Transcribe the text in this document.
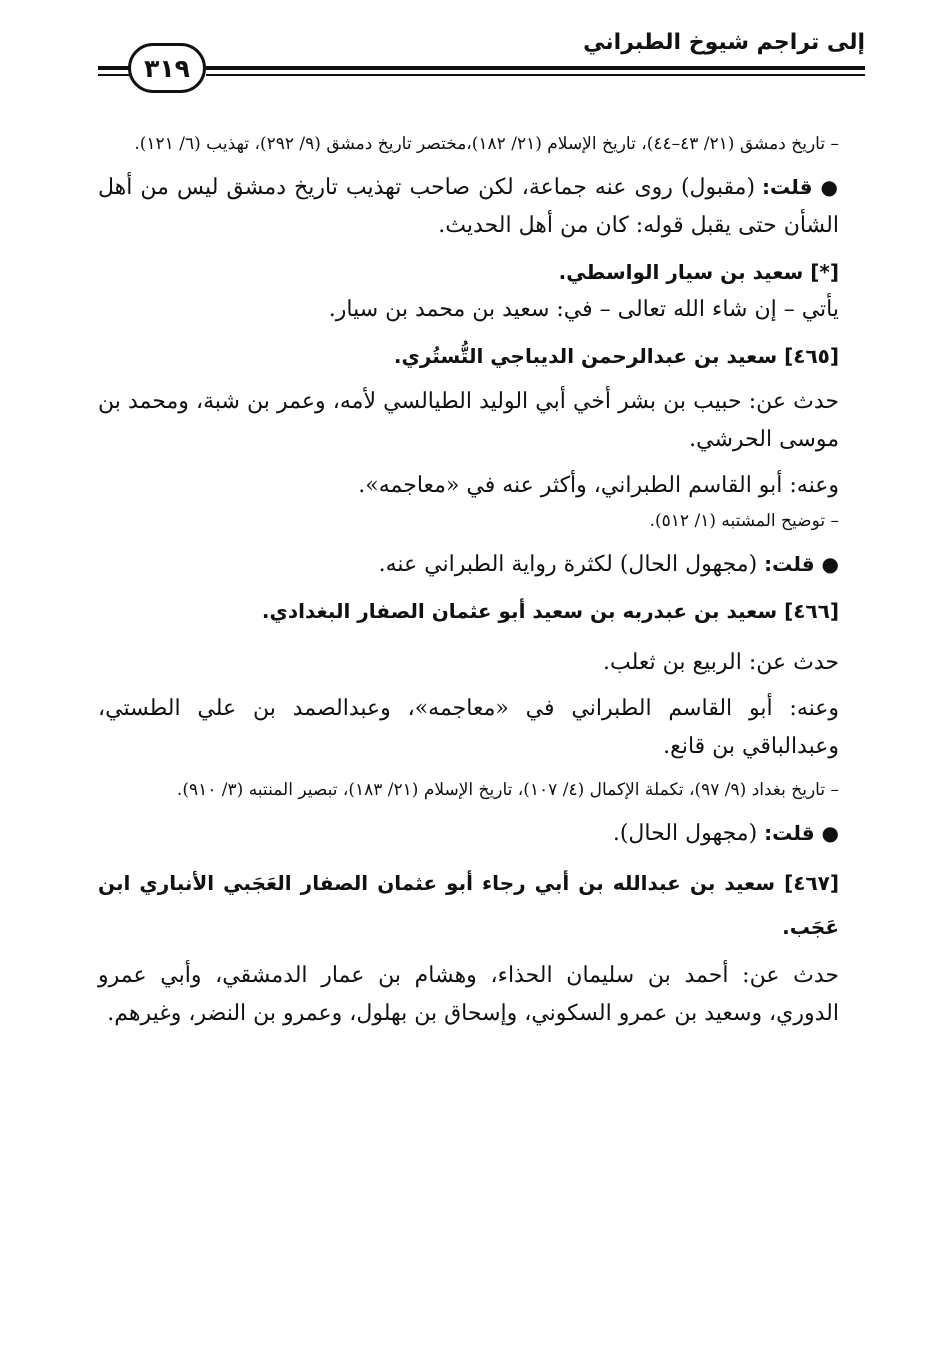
إلى تراجم شيوخ الطبراني
٣١٩

– تاريخ دمشق (٢١/ ٤٣–٤٤)، تاريخ الإسلام (٢١/ ١٨٢)،مختصر تاريخ دمشق (٩/ ٢٩٢)، تهذيب (٦/ ١٢١).

● قلت: (مقبول) روى عنه جماعة، لكن صاحب تهذيب تاريخ دمشق ليس من أهل الشأن حتى يقبل قوله: كان من أهل الحديث.

[*] سعيد بن سيار الواسطي.

يأتي – إن شاء الله تعالى – في: سعيد بن محمد بن سيار.

[٤٦٥] سعيد بن عبدالرحمن الديباجي التُّستُري.

حدث عن: حبيب بن بشر أخي أبي الوليد الطيالسي لأمه، وعمر بن شبة، ومحمد بن موسى الحرشي.

وعنه: أبو القاسم الطبراني، وأكثر عنه في «معاجمه».

– توضيح المشتبه (١/ ٥١٢).

● قلت: (مجهول الحال) لكثرة رواية الطبراني عنه.

[٤٦٦] سعيد بن عبدربه بن سعيد أبو عثمان الصفار البغدادي.

حدث عن: الربيع بن ثعلب.

وعنه: أبو القاسم الطبراني في «معاجمه»، وعبدالصمد بن علي الطستي، وعبدالباقي بن قانع.

– تاريخ بغداد (٩/ ٩٧)، تكملة الإكمال (٤/ ١٠٧)، تاريخ الإسلام (٢١/ ١٨٣)، تبصير المنتبه (٣/ ٩١٠).

● قلت: (مجهول الحال).

[٤٦٧] سعيد بن عبدالله بن أبي رجاء أبو عثمان الصفار العَجَبي الأنباري ابن عَجَب.

حدث عن: أحمد بن سليمان الحذاء، وهشام بن عمار الدمشقي، وأبي عمرو الدوري، وسعيد بن عمرو السكوني، وإسحاق بن بهلول، وعمرو بن النضر، وغيرهم.
